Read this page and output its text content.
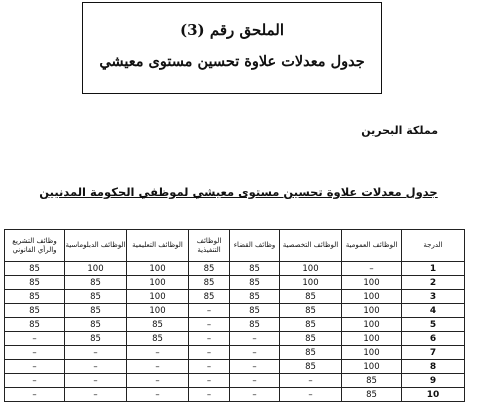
الملحق رقم (3)
جدول معدلات علاوة تحسين مستوى معيشي
مملكة البحرين
جدول معدلات علاوة تحسين مستوى معيشي لموظفي الحكومة المدنيين
وظائف التشريع والرأي القانوني	الوظائف الدبلوماسية	الوظائف التعليمية	الوظائف التنفيذية	وظائف القضاء	الوظائف التخصصية	الوظائف العمومية	الدرجة
85	100	100	85	85	100	–	1
85	85	100	85	85	100	100	2
85	85	100	85	85	85	100	3
85	85	100	–	85	85	100	4
85	85	85	–	85	85	100	5
–	85	85	–	–	85	100	6
–	–	–	–	–	85	100	7
–	–	–	–	–	85	100	8
–	–	–	–	–	–	85	9
–	–	–	–	–	–	85	10
